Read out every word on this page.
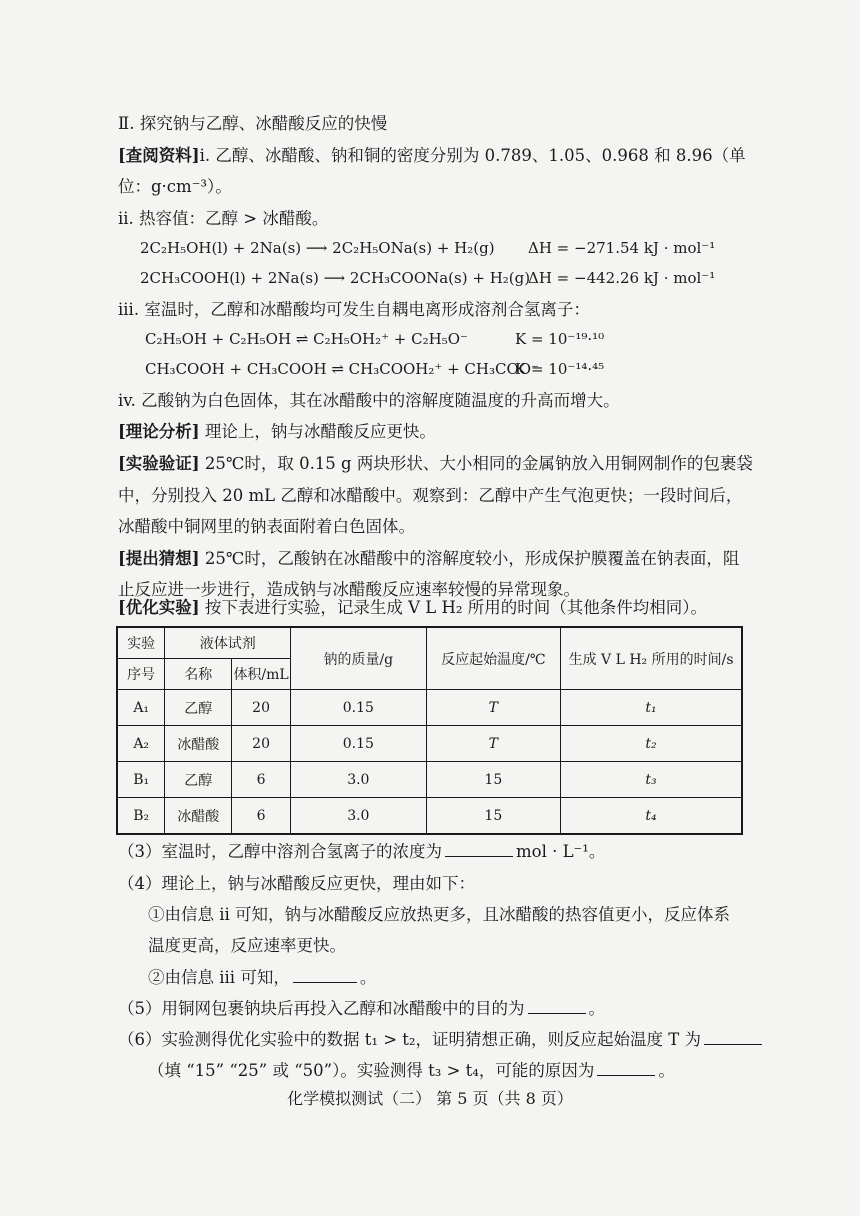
Ⅱ. 探究钠与乙醇、冰醋酸反应的快慢
[查阅资料]i. 乙醇、冰醋酸、钠和铜的密度分别为 0.789、1.05、0.968 和 8.96（单
位：g·cm⁻³）。
ii. 热容值：乙醇 > 冰醋酸。
2C₂H₅OH(l) + 2Na(s) ⟶ 2C₂H₅ONa(s) + H₂(g) ΔH = −271.54 kJ · mol⁻¹
2CH₃COOH(l) + 2Na(s) ⟶ 2CH₃COONa(s) + H₂(g)
ΔH = −442.26 kJ · mol⁻¹
iii. 室温时，乙醇和冰醋酸均可发生自耦电离形成溶剂合氢离子：
C₂H₅OH + C₂H₅OH ⇌ C₂H₅OH₂⁺ + C₂H₅O⁻	K = 10⁻¹⁹·¹⁰
CH₃COOH + CH₃COOH ⇌ CH₃COOH₂⁺ + CH₃COO⁻
K = 10⁻¹⁴·⁴⁵
iv. 乙酸钠为白色固体，其在冰醋酸中的溶解度随温度的升高而增大。
[理论分析] 理论上，钠与冰醋酸反应更快。
[实验验证] 25℃时，取 0.15 g 两块形状、大小相同的金属钠放入用铜网制作的包裹袋
中，分别投入 20 mL 乙醇和冰醋酸中。观察到：乙醇中产生气泡更快；一段时间后，
冰醋酸中铜网里的钠表面附着白色固体。
[提出猜想] 25℃时，乙酸钠在冰醋酸中的溶解度较小，形成保护膜覆盖在钠表面，阻
止反应进一步进行，造成钠与冰醋酸反应速率较慢的异常现象。
[优化实验] 按下表进行实验，记录生成 V L H₂ 所用的时间（其他条件均相同）。
实验	液体试剂		钠的质量/g	反应起始温度/℃	生成 V L H₂ 所用的时间/s
序号	名称	体积/mL			
A₁	乙醇	20	0.15	T	t₁
A₂	冰醋酸	20	0.15	T	t₂
B₁	乙醇	6	3.0	15	t₃
B₂	冰醋酸	6	3.0	15	t₄
（3）室温时，乙醇中溶剂合氢离子的浓度为	mol · L⁻¹。
（4）理论上，钠与冰醋酸反应更快，理由如下：
①由信息 ii 可知，钠与冰醋酸反应放热更多，且冰醋酸的热容值更小，反应体系
温度更高，反应速率更快。
②由信息 iii 可知，	。
（5）用铜网包裹钠块后再投入乙醇和冰醋酸中的目的为	。
（6）实验测得优化实验中的数据 t₁ > t₂，证明猜想正确，则反应起始温度 T 为
（填 “15” “25” 或 “50”）。实验测得 t₃ > t₄，可能的原因为	。
化学模拟测试（二） 第 5 页（共 8 页）
